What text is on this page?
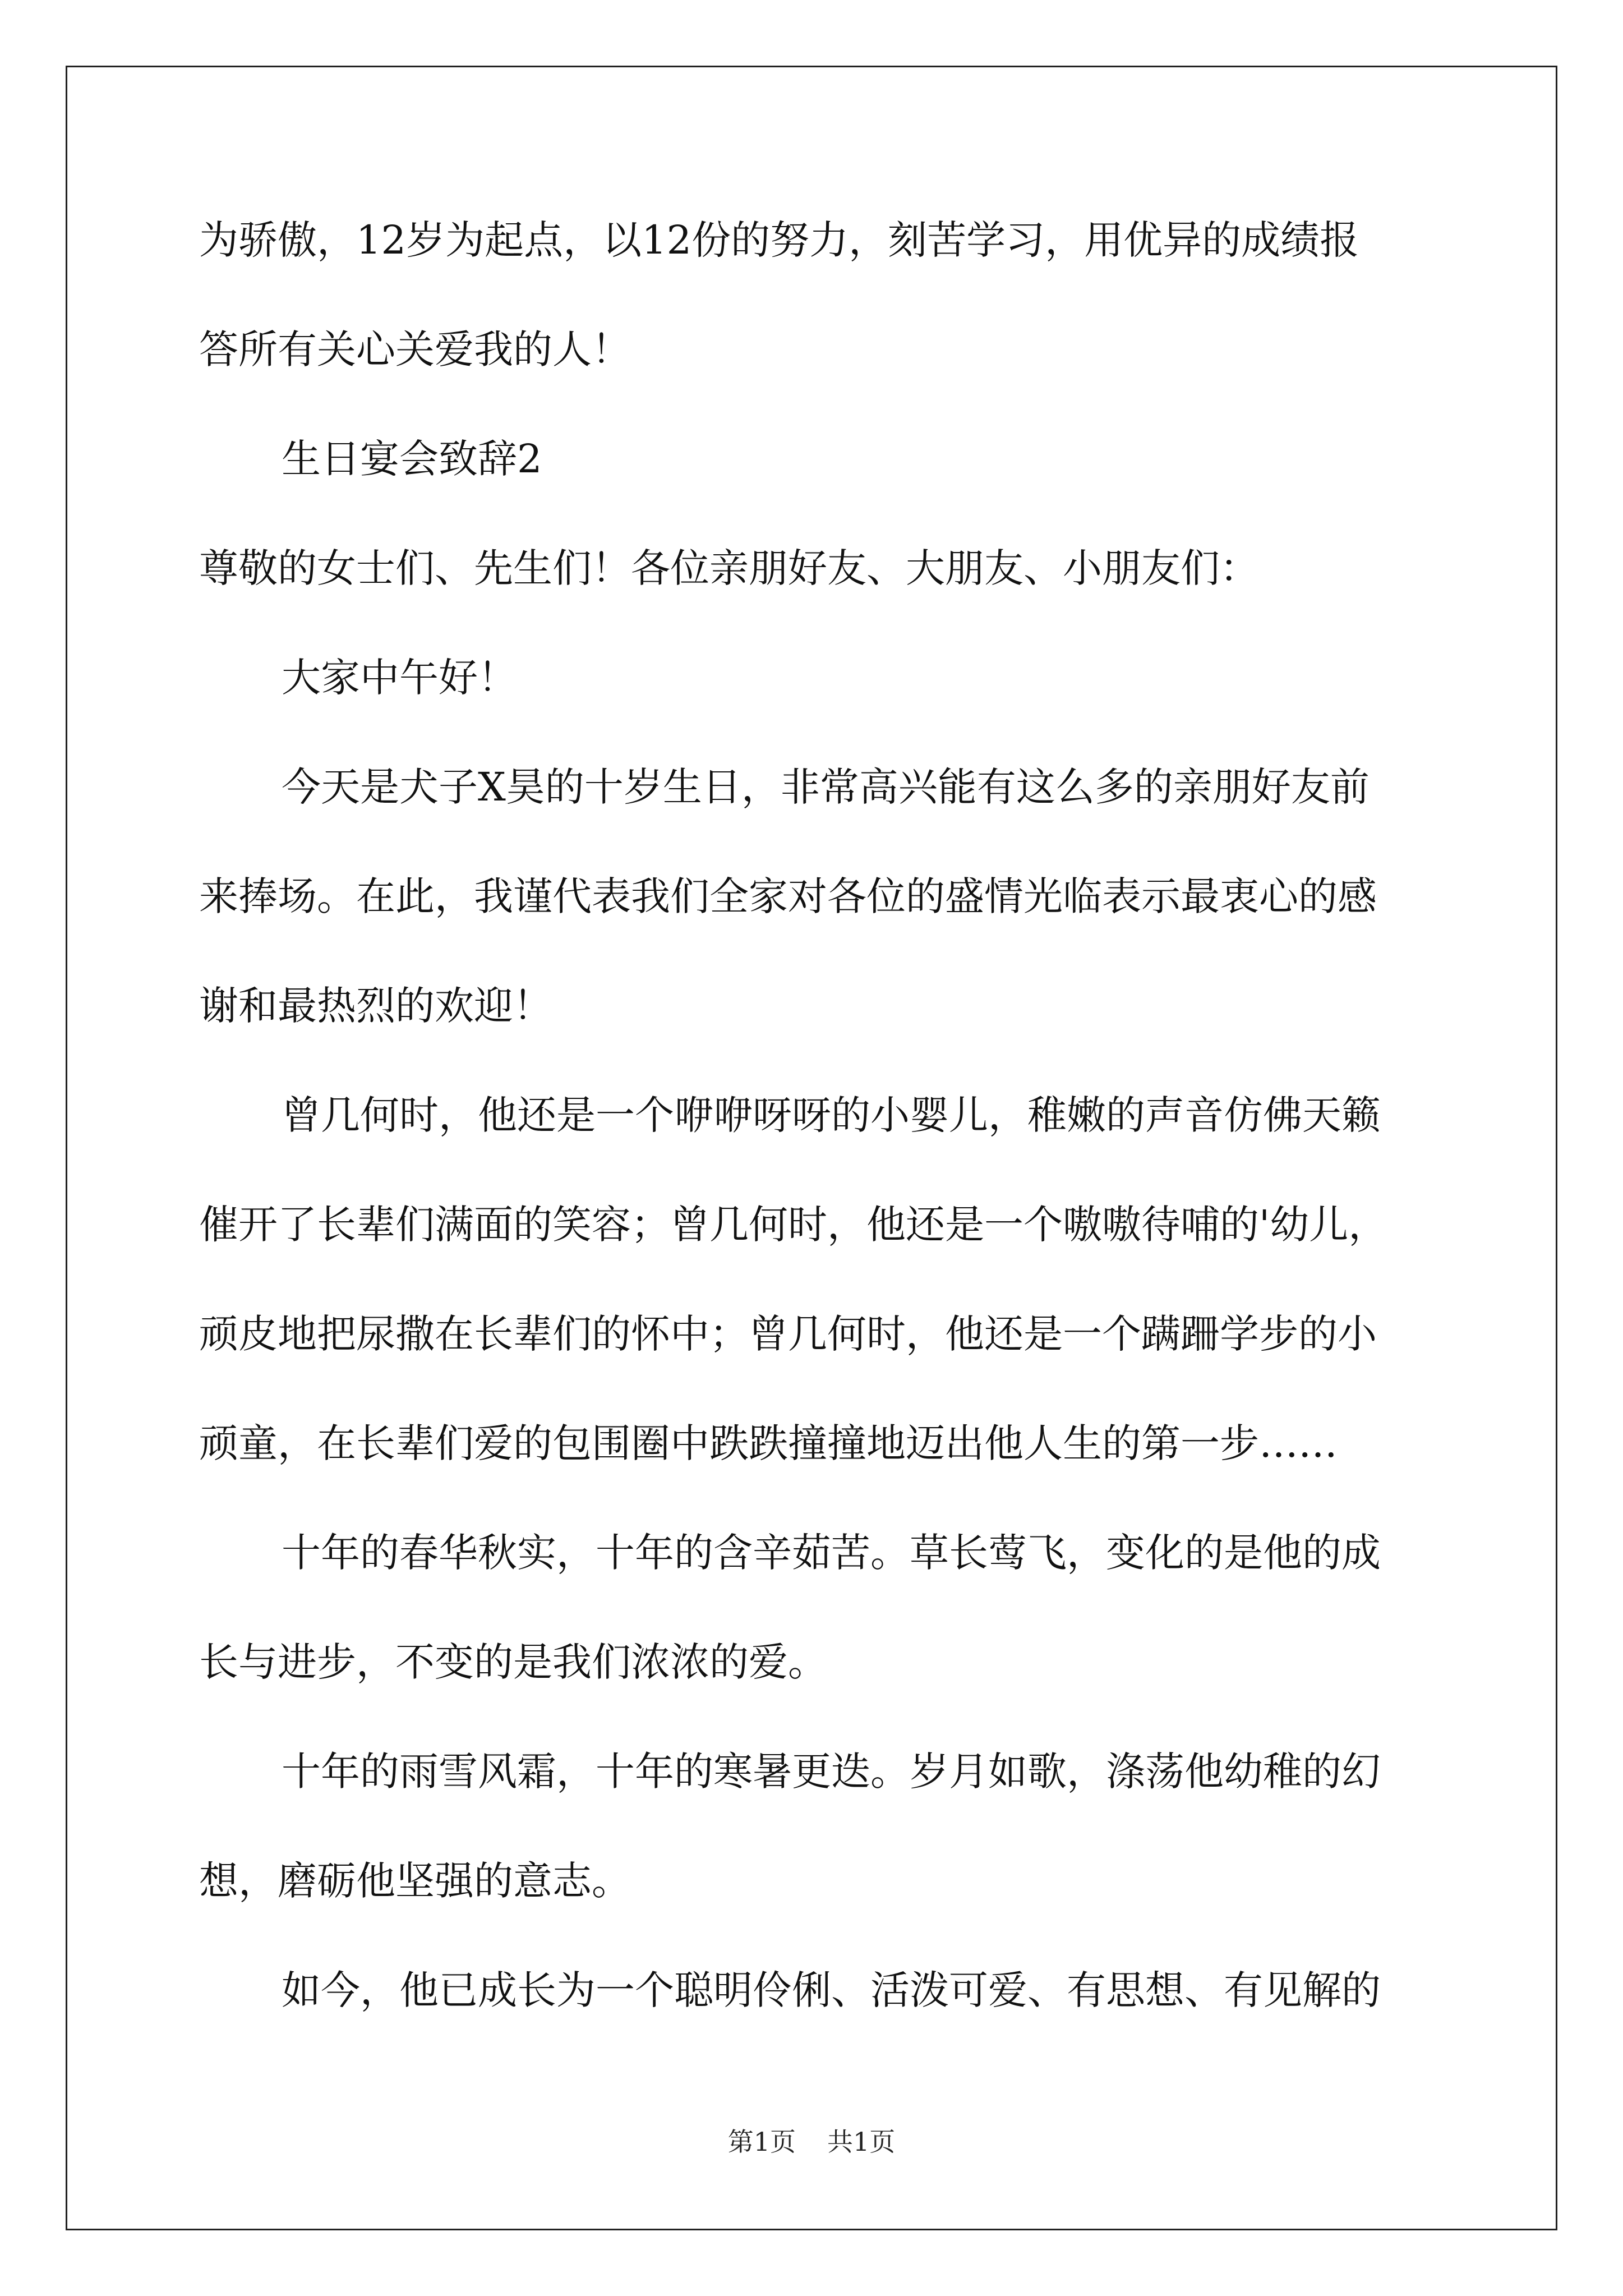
为骄傲，12岁为起点，以12份的努力，刻苦学习，用优异的成绩报
答所有关心关爱我的人！
生日宴会致辞2
尊敬的女士们、先生们！各位亲朋好友、大朋友、小朋友们：
大家中午好！
今天是犬子X昊的十岁生日，非常高兴能有这么多的亲朋好友前
来捧场。在此，我谨代表我们全家对各位的盛情光临表示最衷心的感
谢和最热烈的欢迎！
曾几何时，他还是一个咿咿呀呀的小婴儿，稚嫩的声音仿佛天籁
催开了长辈们满面的笑容；曾几何时，他还是一个嗷嗷待哺的'幼儿，
顽皮地把尿撒在长辈们的怀中；曾几何时，他还是一个蹒跚学步的小
顽童，在长辈们爱的包围圈中跌跌撞撞地迈出他人生的第一步……
十年的春华秋实，十年的含辛茹苦。草长莺飞，变化的是他的成
长与进步，不变的是我们浓浓的爱。
十年的雨雪风霜，十年的寒暑更迭。岁月如歌，涤荡他幼稚的幻
想，磨砺他坚强的意志。
如今，他已成长为一个聪明伶俐、活泼可爱、有思想、有见解的
第1页 共1页
